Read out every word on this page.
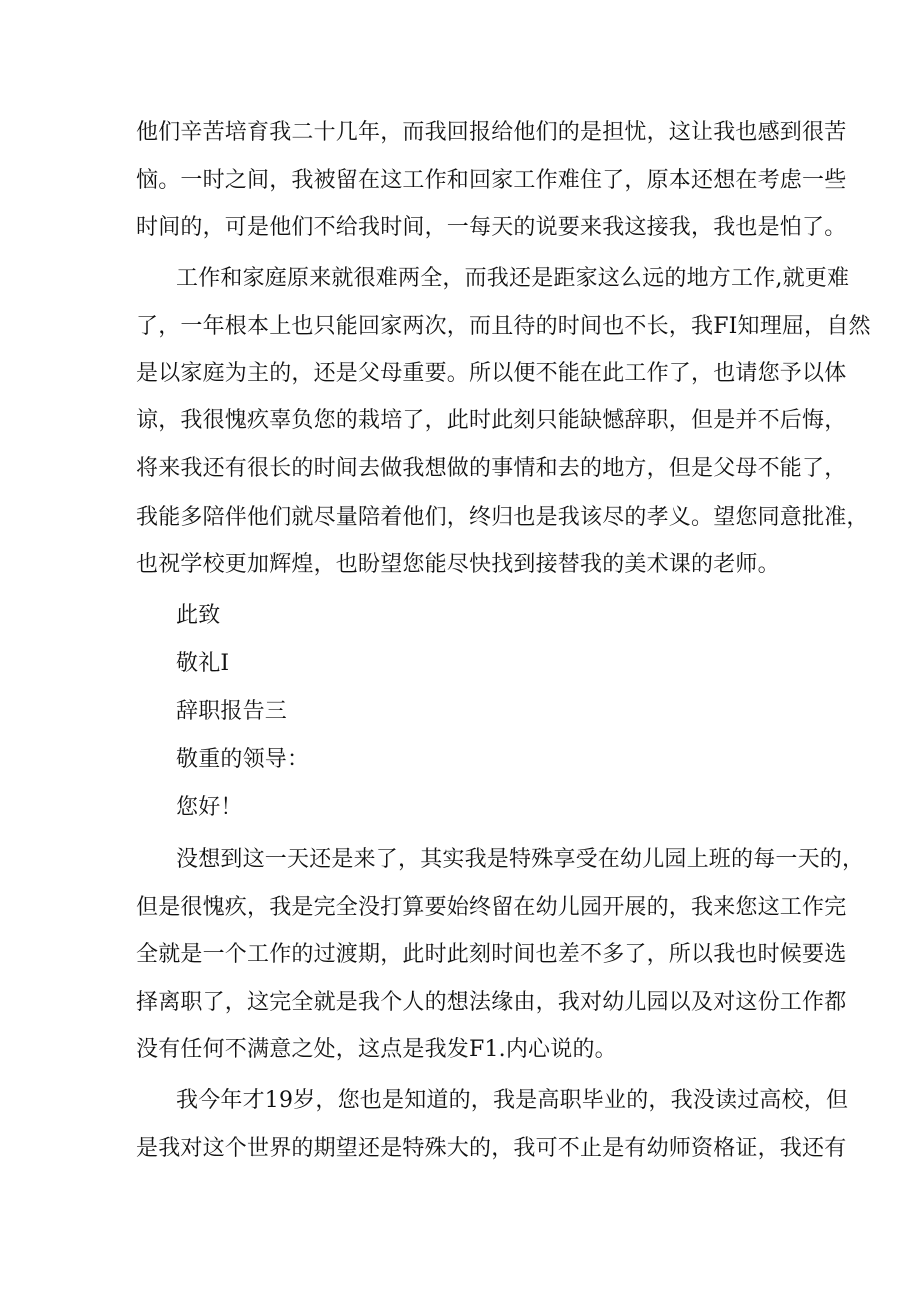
他们辛苦培育我二十几年，而我回报给他们的是担忧，这让我也感到很苦
恼。一时之间，我被留在这工作和回家工作难住了，原本还想在考虑一些
时间的，可是他们不给我时间，一每天的说要来我这接我，我也是怕了。
工作和家庭原来就很难两全，而我还是距家这么远的地方工作,就更难
了，一年根本上也只能回家两次，而且待的时间也不长，我FI知理屈，自然
是以家庭为主的，还是父母重要。所以便不能在此工作了，也请您予以体
谅，我很愧疚辜负您的栽培了，此时此刻只能缺憾辞职，但是并不后悔，
将来我还有很长的时间去做我想做的事情和去的地方，但是父母不能了，
我能多陪伴他们就尽量陪着他们，终归也是我该尽的孝义。望您同意批准，
也祝学校更加辉煌，也盼望您能尽快找到接替我的美术课的老师。
此致
敬礼I
辞职报告三
敬重的领导：
您好！
没想到这一天还是来了，其实我是特殊享受在幼儿园上班的每一天的，
但是很愧疚，我是完全没打算要始终留在幼儿园开展的，我来您这工作完
全就是一个工作的过渡期，此时此刻时间也差不多了，所以我也时候要选
择离职了，这完全就是我个人的想法缘由，我对幼儿园以及对这份工作都
没有任何不满意之处，这点是我发F1.内心说的。
我今年才19岁，您也是知道的，我是高职毕业的，我没读过高校，但
是我对这个世界的期望还是特殊大的，我可不止是有幼师资格证，我还有
